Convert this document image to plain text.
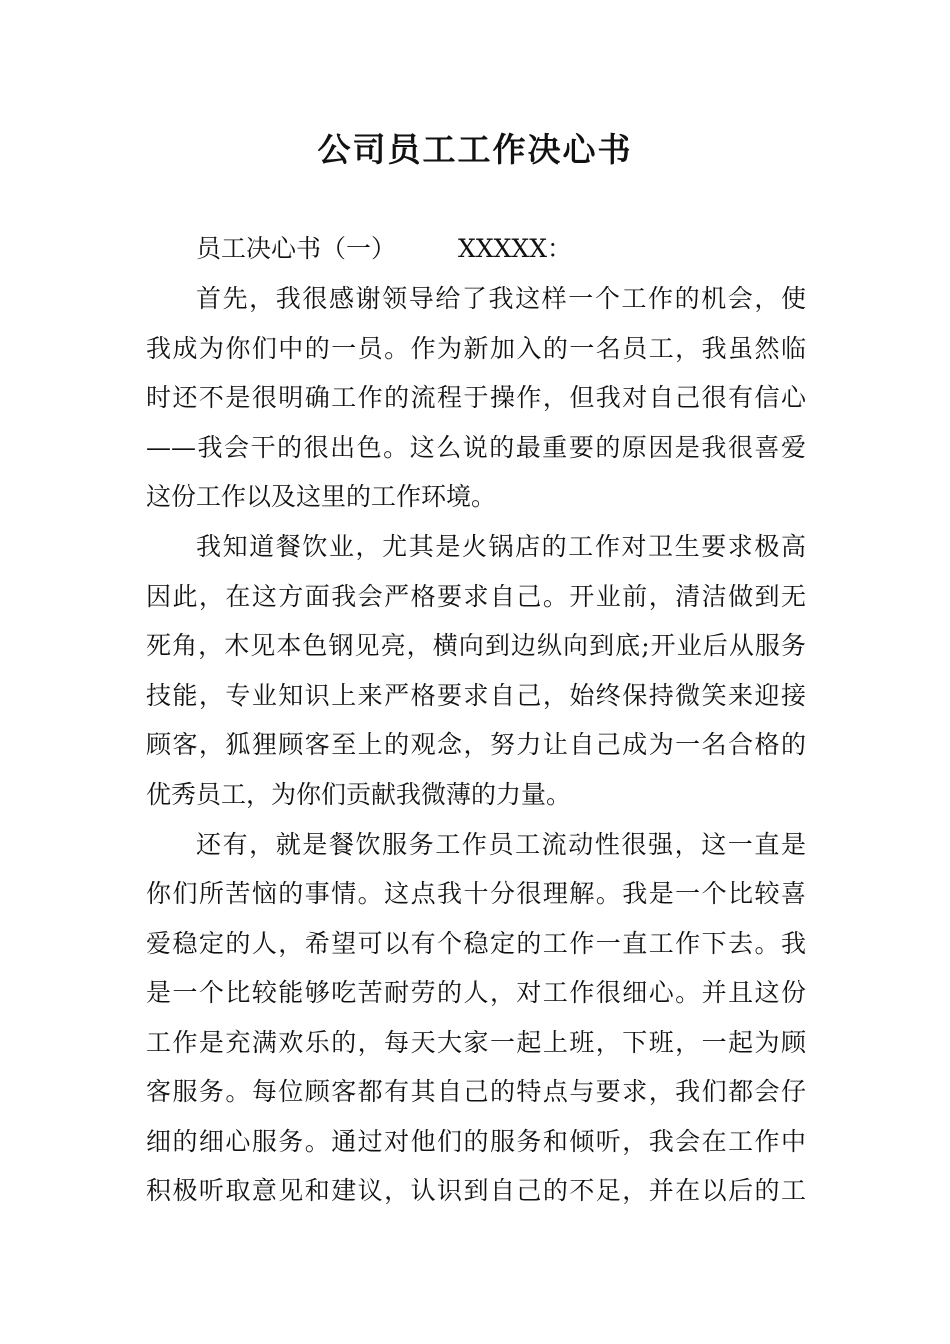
公司员工工作决心书
员工决心书（一） XXXXX：
首先，我很感谢领导给了我这样一个工作的机会，使
我成为你们中的一员。作为新加入的一名员工，我虽然临
时还不是很明确工作的流程于操作，但我对自己很有信心
——我会干的很出色。这么说的最重要的原因是我很喜爱
这份工作以及这里的工作环境。
我知道餐饮业，尤其是火锅店的工作对卫生要求极高
因此，在这方面我会严格要求自己。开业前，清洁做到无
死角，木见本色钢见亮，横向到边纵向到底;开业后从服务
技能，专业知识上来严格要求自己，始终保持微笑来迎接
顾客，狐狸顾客至上的观念，努力让自己成为一名合格的
优秀员工，为你们贡献我微薄的力量。
还有，就是餐饮服务工作员工流动性很强，这一直是
你们所苦恼的事情。这点我十分很理解。我是一个比较喜
爱稳定的人，希望可以有个稳定的工作一直工作下去。我
是一个比较能够吃苦耐劳的人，对工作很细心。并且这份
工作是充满欢乐的，每天大家一起上班，下班，一起为顾
客服务。每位顾客都有其自己的特点与要求，我们都会仔
细的细心服务。通过对他们的服务和倾听，我会在工作中
积极听取意见和建议，认识到自己的不足，并在以后的工
